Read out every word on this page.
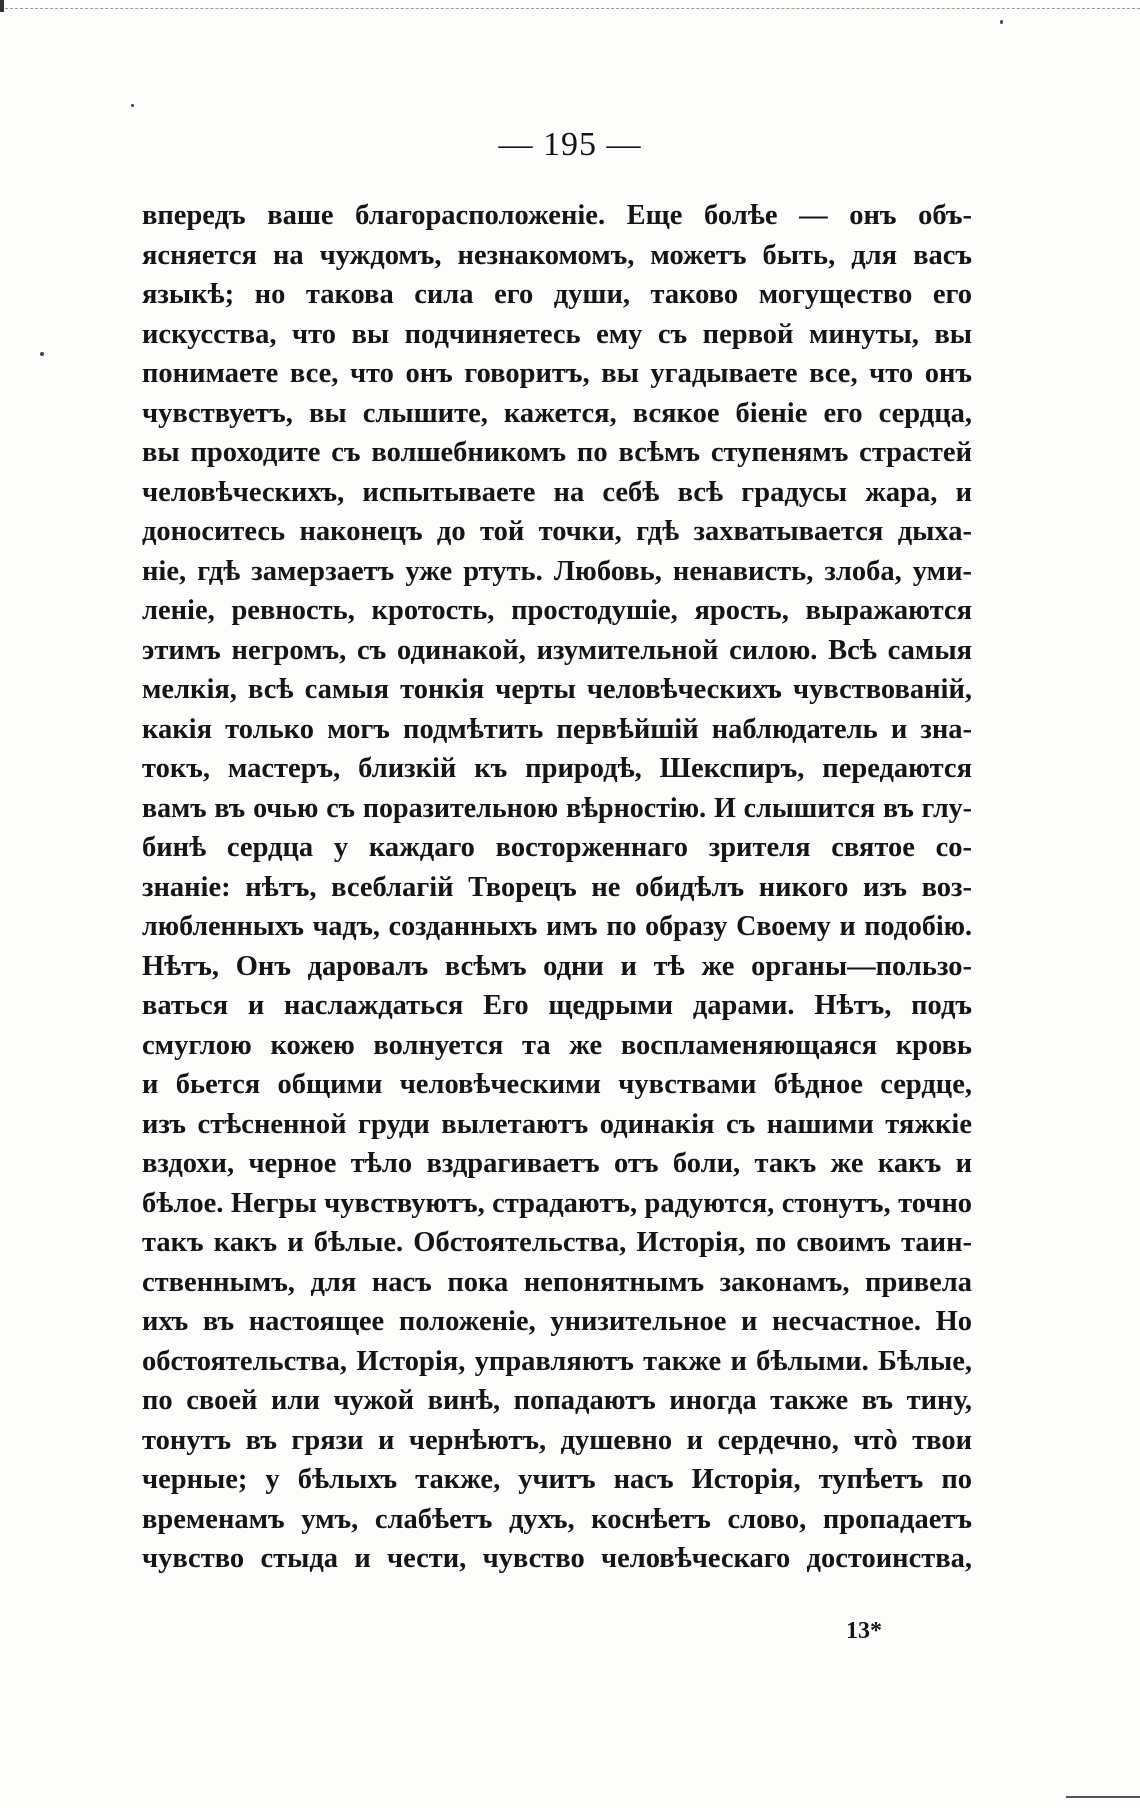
— 195 —
впередъ ваше благорасположеніе. Еще болѣе — онъ объ-
ясняется на чуждомъ, незнакомомъ, можетъ быть, для васъ
языкѣ; но такова сила его души, таково могущество его
искусства, что вы подчиняетесь ему съ первой минуты, вы
понимаете все, что онъ говоритъ, вы угадываете все, что онъ
чувствуетъ, вы слышите, кажется, всякое біеніе его сердца,
вы проходите съ волшебникомъ по всѣмъ ступенямъ страстей
человѣческихъ, испытываете на себѣ всѣ градусы жара, и
доноситесь наконецъ до той точки, гдѣ захватывается дыха-
ніе, гдѣ замерзаетъ уже ртуть. Любовь, ненависть, злоба, уми-
леніе, ревность, кротость, простодушіе, ярость, выражаются
этимъ негромъ, съ одинакой, изумительной силою. Всѣ самыя
мелкія, всѣ самыя тонкія черты человѣческихъ чувствованій,
какія только могъ подмѣтить первѣйшій наблюдатель и зна-
токъ, мастеръ, близкій къ природѣ, Шекспиръ, передаются
вамъ въ очью съ поразительною вѣрностію. И слышится въ глу-
бинѣ сердца у каждаго восторженнаго зрителя святое со-
знаніе: нѣтъ, всеблагій Творецъ не обидѣлъ никого изъ воз-
любленныхъ чадъ, созданныхъ имъ по образу Своему и подобію.
Нѣтъ, Онъ даровалъ всѣмъ одни и тѣ же органы—пользо-
ваться и наслаждаться Его щедрыми дарами. Нѣтъ, подъ
смуглою кожею волнуется та же воспламеняющаяся кровь
и бьется общими человѣческими чувствами бѣдное сердце,
изъ стѣсненной груди вылетаютъ одинакія съ нашими тяжкіе
вздохи, черное тѣло вздрагиваетъ отъ боли, такъ же какъ и
бѣлое. Негры чувствуютъ, страдаютъ, радуются, стонутъ, точно
такъ какъ и бѣлые. Обстоятельства, Исторія, по своимъ таин-
ственнымъ, для насъ пока непонятнымъ законамъ, привела
ихъ въ настоящее положеніе, унизительное и несчастное. Но
обстоятельства, Исторія, управляютъ также и бѣлыми. Бѣлые,
по своей или чужой винѣ, попадаютъ иногда также въ тину,
тонутъ въ грязи и чернѣютъ, душевно и сердечно, чтò твои
черные; у бѣлыхъ также, учитъ насъ Исторія, тупѣетъ по
временамъ умъ, слабѣетъ духъ, коснѣетъ слово, пропадаетъ
чувство стыда и чести, чувство человѣческаго достоинства,
13*
